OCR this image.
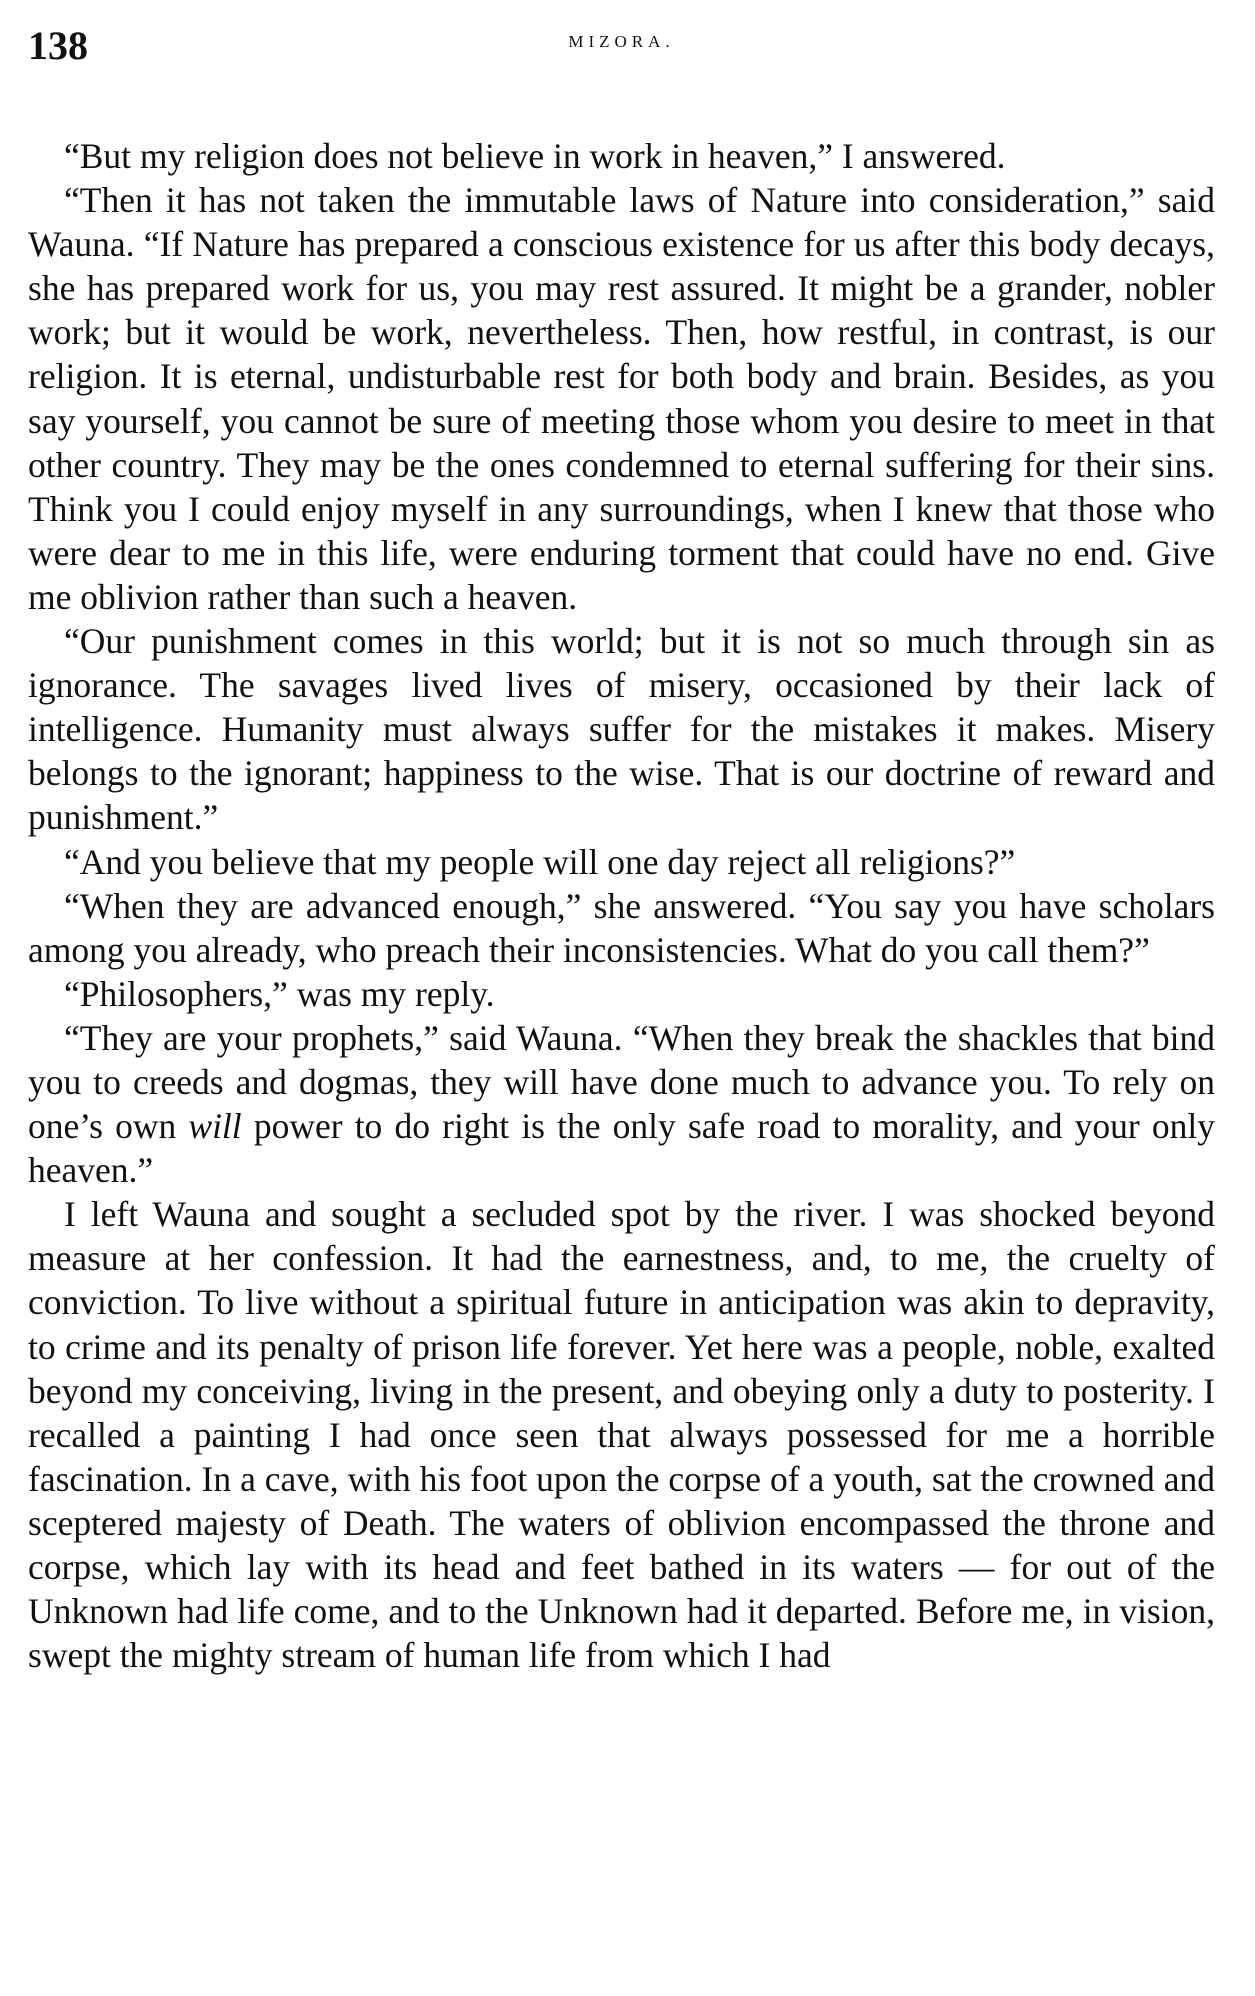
138	MIZORA.

“But my religion does not believe in work in heaven,” I answered.

“Then it has not taken the immutable laws of Nature into consideration,” said Wauna. “If Nature has prepared a conscious existence for us after this body decays, she has prepared work for us, you may rest assured. It might be a grander, nobler work; but it would be work, nevertheless. Then, how restful, in contrast, is our religion. It is eternal, undisturbable rest for both body and brain. Besides, as you say yourself, you cannot be sure of meeting those whom you desire to meet in that other country. They may be the ones condemned to eternal suffering for their sins. Think you I could enjoy myself in any surroundings, when I knew that those who were dear to me in this life, were enduring torment that could have no end. Give me oblivion rather than such a heaven.

“Our punishment comes in this world; but it is not so much through sin as ignorance. The savages lived lives of misery, occasioned by their lack of intelligence. Humanity must always suffer for the mistakes it makes. Misery belongs to the ignorant; happiness to the wise. That is our doctrine of reward and punishment.”

“And you believe that my people will one day reject all religions?”

“When they are advanced enough,” she answered. “You say you have scholars among you already, who preach their inconsistencies. What do you call them?”

“Philosophers,” was my reply.

“They are your prophets,” said Wauna. “When they break the shackles that bind you to creeds and dogmas, they will have done much to advance you. To rely on one’s own will power to do right is the only safe road to morality, and your only heaven.”

I left Wauna and sought a secluded spot by the river. I was shocked beyond measure at her confession. It had the earnestness, and, to me, the cruelty of conviction. To live without a spiritual future in anticipation was akin to depravity, to crime and its penalty of prison life forever. Yet here was a people, noble, exalted beyond my conceiving, living in the present, and obeying only a duty to posterity. I recalled a painting I had once seen that always possessed for me a horrible fascination. In a cave, with his foot upon the corpse of a youth, sat the crowned and sceptered majesty of Death. The waters of oblivion encompassed the throne and corpse, which lay with its head and feet bathed in its waters — for out of the Unknown had life come, and to the Unknown had it departed. Before me, in vision, swept the mighty stream of human life from which I had
